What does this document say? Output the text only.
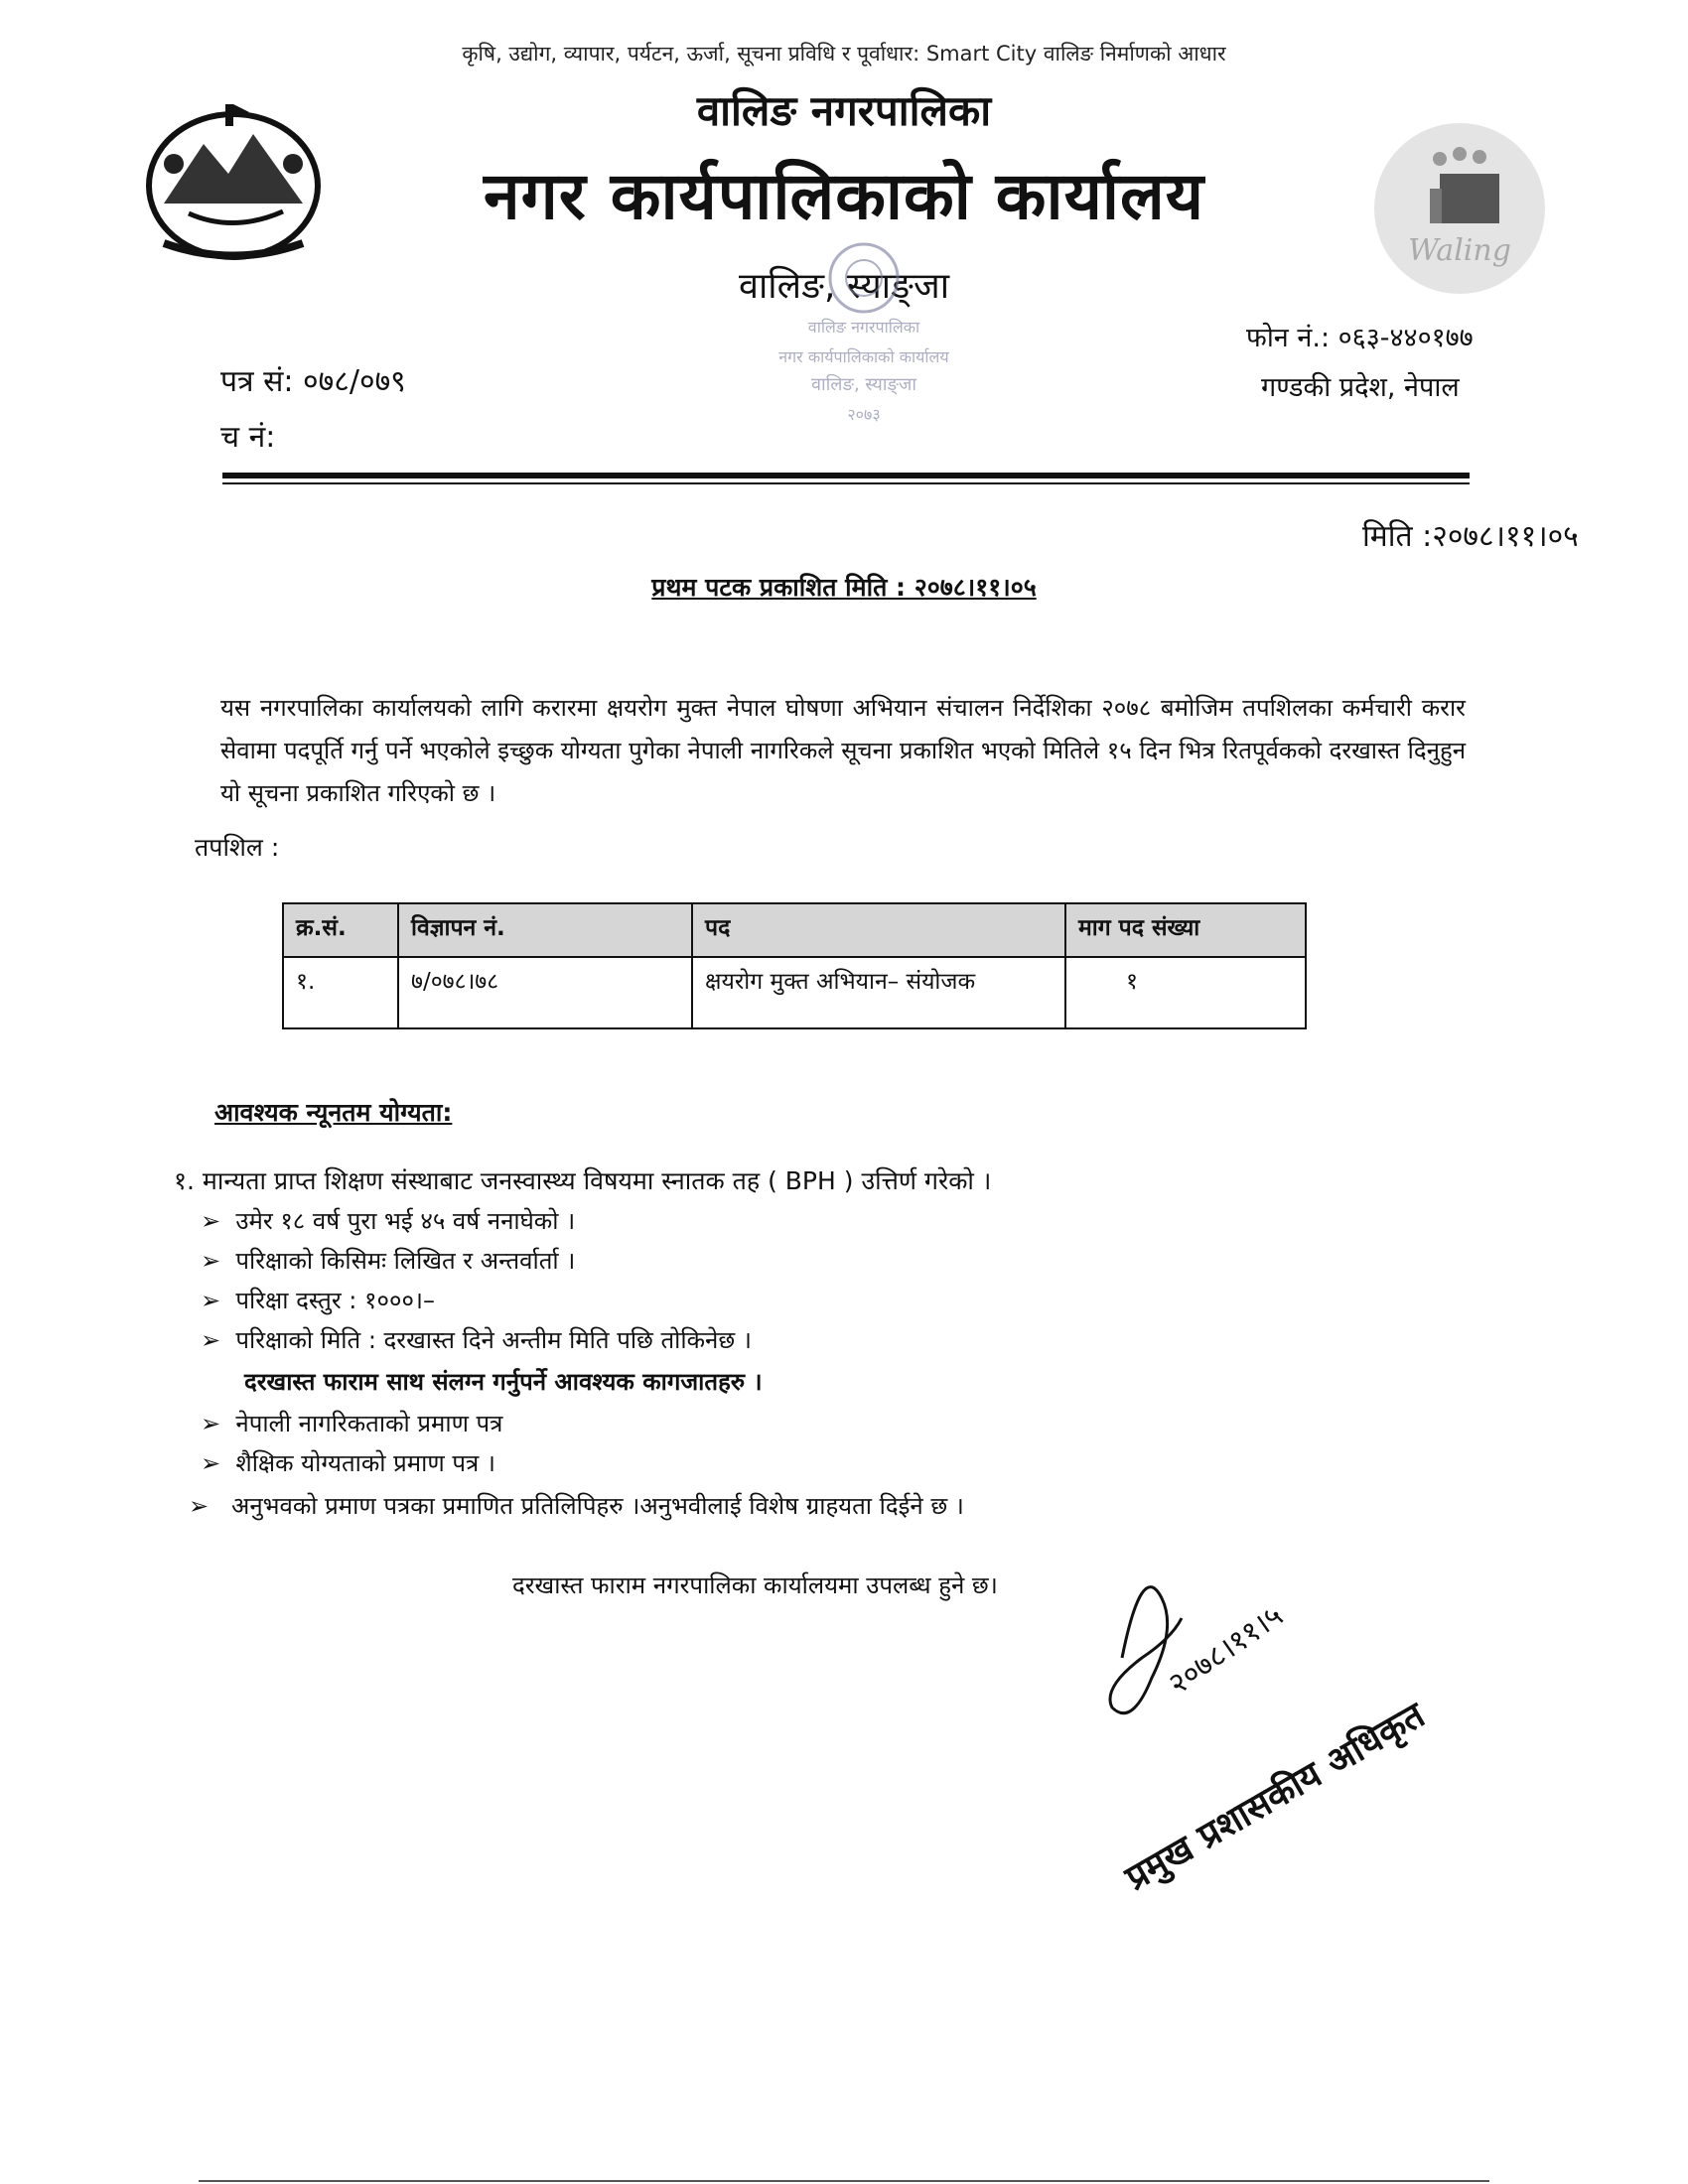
कृषि, उद्योग, व्यापार, पर्यटन, ऊर्जा, सूचना प्रविधि र पूर्वाधार: Smart City वालिङ निर्माणको आधार
वालिङ नगरपालिका
नगर कार्यपालिकाको कार्यालय
Waling
वालिङ, स्याङ्जा
वालिङ नगरपालिका
नगर कार्यपालिकाको कार्यालय
वालिङ, स्याङ्जा
२०७३
फोन नं.: ०६३-४४०१७७
गण्डकी प्रदेश, नेपाल
पत्र सं: ०७८/०७९
च नं:
मिति :२०७८।११।०५
प्रथम पटक प्रकाशित मिति : २०७८।११।०५
यस नगरपालिका कार्यालयको लागि करारमा क्षयरोग मुक्त नेपाल घोषणा अभियान संचालन निर्देशिका २०७८ बमोजिम तपशिलका कर्मचारी करार सेवामा पदपूर्ति गर्नु पर्ने भएकोले इच्छुक योग्यता पुगेका नेपाली नागरिकले सूचना प्रकाशित भएको मितिले १५ दिन भित्र रितपूर्वकको दरखास्त दिनुहुन यो सूचना प्रकाशित गरिएको छ ।
तपशिल :
क्र.सं.	विज्ञापन नं.	पद	माग पद संख्या
१.	७/०७८।७८	क्षयरोग मुक्त अभियान– संयोजक	१
आवश्यक न्यूनतम योग्यता:
१. मान्यता प्राप्त शिक्षण संस्थाबाट जनस्वास्थ्य विषयमा स्नातक तह ( BPH ) उत्तिर्ण गरेको ।
➢ उमेर १८ वर्ष पुरा भई ४५ वर्ष ननाघेको ।
➢ परिक्षाको किसिमः लिखित र अन्तर्वार्ता ।
➢ परिक्षा दस्तुर : १०००।–
➢ परिक्षाको मिति : दरखास्त दिने अन्तीम मिति पछि तोकिनेछ ।
दरखास्त फाराम साथ संलग्न गर्नुपर्ने आवश्यक कागजातहरु ।
➢ नेपाली नागरिकताको प्रमाण पत्र
➢ शैक्षिक योग्यताको प्रमाण पत्र ।
➢ अनुभवको प्रमाण पत्रका प्रमाणित प्रतिलिपिहरु ।अनुभवीलाई विशेष ग्राहयता दिईने छ ।
दरखास्त फाराम नगरपालिका कार्यालयमा उपलब्ध हुने छ।
२०७८।११।५
प्रमुख प्रशासकीय अधिकृत
